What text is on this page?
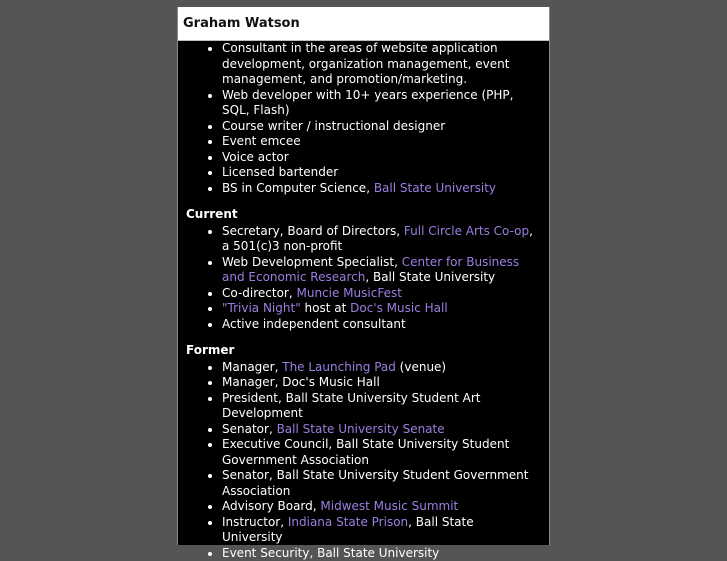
Graham Watson
• Consultant in the areas of website application development, organization management, event management, and promotion/marketing.
• Web developer with 10+ years experience (PHP, SQL, Flash)
• Course writer / instructional designer
• Event emcee
• Voice actor
• Licensed bartender
• BS in Computer Science, Ball State University
Current
• Secretary, Board of Directors, Full Circle Arts Co-op, a 501(c)3 non-profit
• Web Development Specialist, Center for Business and Economic Research, Ball State University
• Co-director, Muncie MusicFest
• "Trivia Night" host at Doc's Music Hall
• Active independent consultant
Former
• Manager, The Launching Pad (venue)
• Manager, Doc's Music Hall
• President, Ball State University Student Art Development
• Senator, Ball State University Senate
• Executive Council, Ball State University Student Government Association
• Senator, Ball State University Student Government Association
• Advisory Board, Midwest Music Summit
• Instructor, Indiana State Prison, Ball State University
• Event Security, Ball State University
